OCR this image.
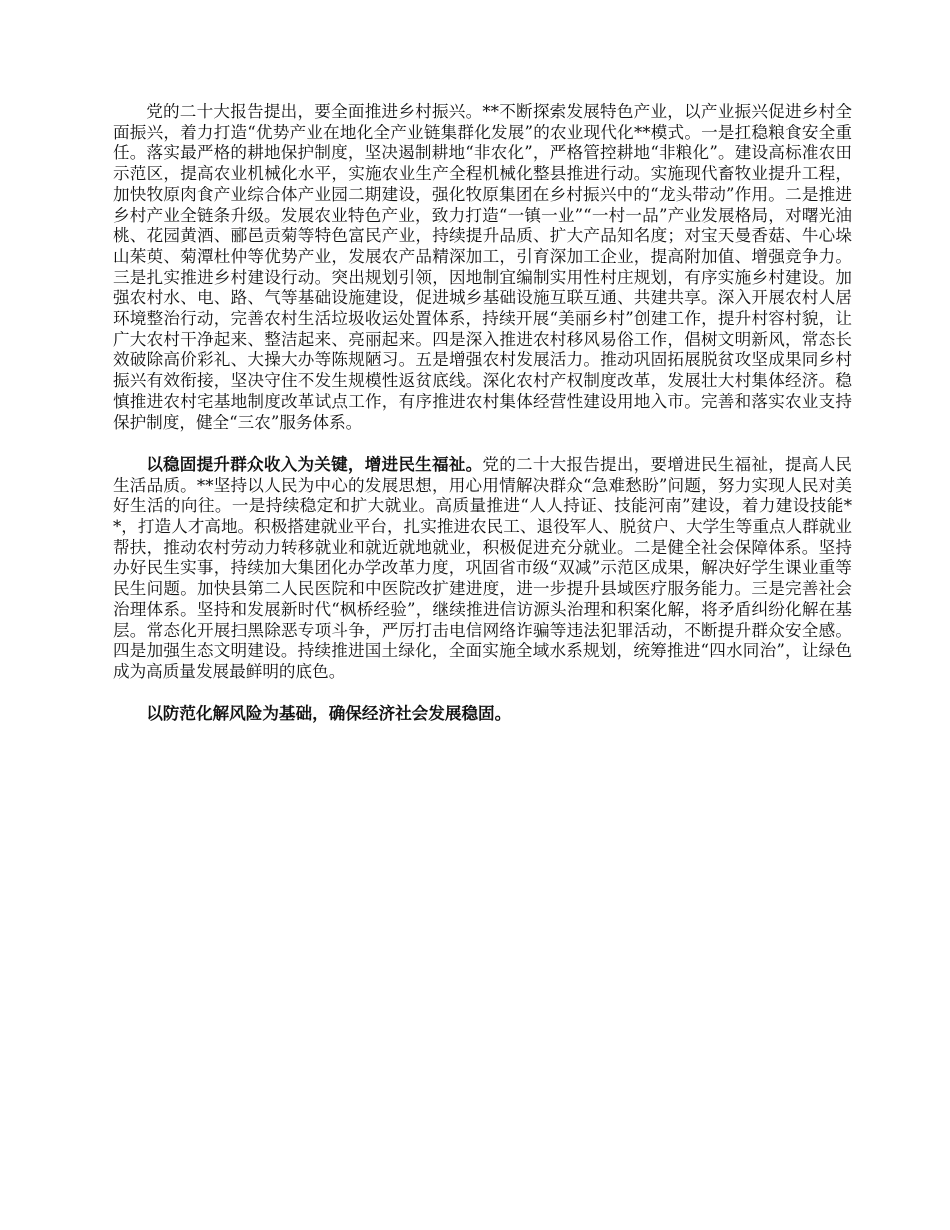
党的二十大报告提出，要全面推进乡村振兴。**不断探索发展特色产业，以产业振兴促进乡村全面振兴，着力打造“优势产业在地化全产业链集群化发展”的农业现代化**模式。一是扛稳粮食安全重任。落实最严格的耕地保护制度，坚决遏制耕地“非农化”，严格管控耕地“非粮化”。建设高标准农田示范区，提高农业机械化水平，实施农业生产全程机械化整县推进行动。实施现代畜牧业提升工程，加快牧原肉食产业综合体产业园二期建设，强化牧原集团在乡村振兴中的“龙头带动”作用。二是推进乡村产业全链条升级。发展农业特色产业，致力打造“一镇一业”“一村一品”产业发展格局，对曙光油桃、花园黄酒、郦邑贡菊等特色富民产业，持续提升品质、扩大产品知名度；对宝天曼香菇、牛心垛山茱萸、菊潭杜仲等优势产业，发展农产品精深加工，引育深加工企业，提高附加值、增强竞争力。三是扎实推进乡村建设行动。突出规划引领，因地制宜编制实用性村庄规划，有序实施乡村建设。加强农村水、电、路、气等基础设施建设，促进城乡基础设施互联互通、共建共享。深入开展农村人居环境整治行动，完善农村生活垃圾收运处置体系，持续开展“美丽乡村”创建工作，提升村容村貌，让广大农村干净起来、整洁起来、亮丽起来。四是深入推进农村移风易俗工作，倡树文明新风，常态长效破除高价彩礼、大操大办等陈规陋习。五是增强农村发展活力。推动巩固拓展脱贫攻坚成果同乡村振兴有效衔接，坚决守住不发生规模性返贫底线。深化农村产权制度改革，发展壮大村集体经济。稳慎推进农村宅基地制度改革试点工作，有序推进农村集体经营性建设用地入市。完善和落实农业支持保护制度，健全“三农”服务体系。

以稳固提升群众收入为关键，增进民生福祉。党的二十大报告提出，要增进民生福祉，提高人民生活品质。**坚持以人民为中心的发展思想，用心用情解决群众“急难愁盼”问题，努力实现人民对美好生活的向往。一是持续稳定和扩大就业。高质量推进“人人持证、技能河南”建设，着力建设技能**，打造人才高地。积极搭建就业平台，扎实推进农民工、退役军人、脱贫户、大学生等重点人群就业帮扶，推动农村劳动力转移就业和就近就地就业，积极促进充分就业。二是健全社会保障体系。坚持办好民生实事，持续加大集团化办学改革力度，巩固省市级“双减”示范区成果，解决好学生课业重等民生问题。加快县第二人民医院和中医院改扩建进度，进一步提升县域医疗服务能力。三是完善社会治理体系。坚持和发展新时代“枫桥经验”，继续推进信访源头治理和积案化解，将矛盾纠纷化解在基层。常态化开展扫黑除恶专项斗争，严厉打击电信网络诈骗等违法犯罪活动，不断提升群众安全感。四是加强生态文明建设。持续推进国土绿化，全面实施全域水系规划，统筹推进“四水同治”，让绿色成为高质量发展最鲜明的底色。

以防范化解风险为基础，确保经济社会发展稳固。
